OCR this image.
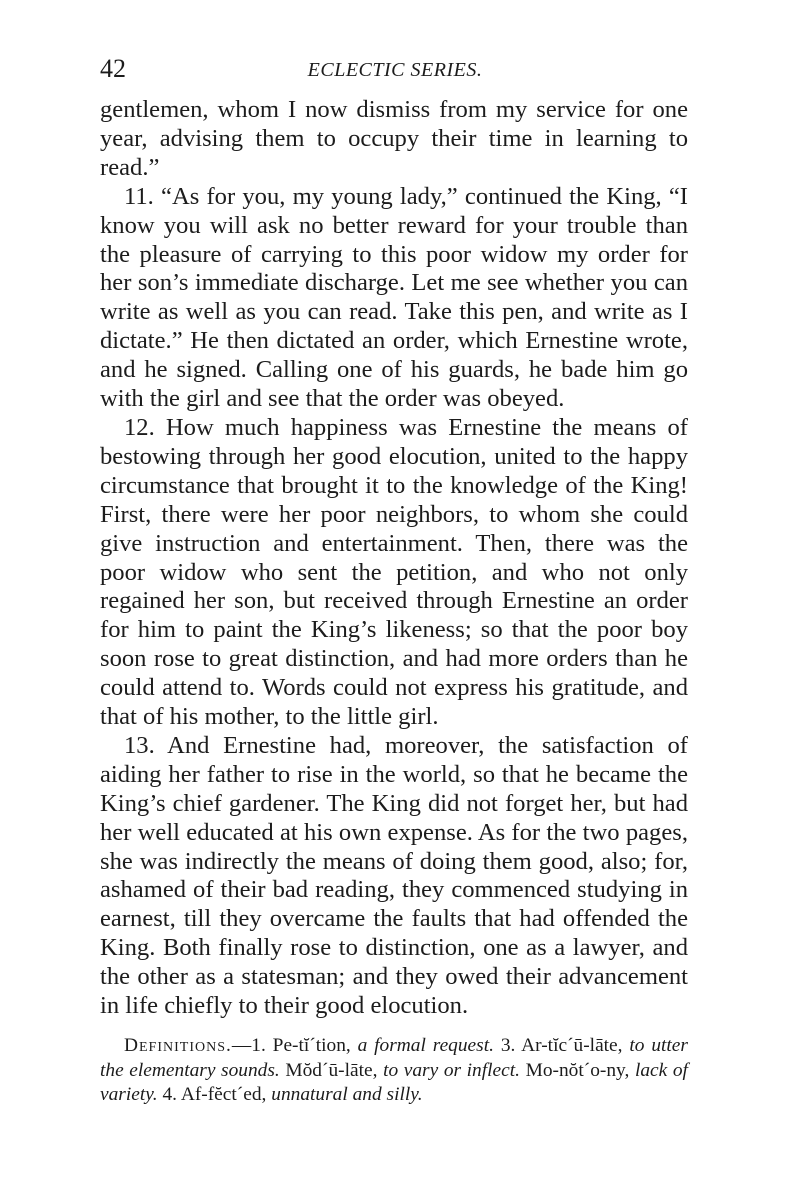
42	ECLECTIC SERIES.

gentlemen, whom I now dismiss from my service for one year, advising them to occupy their time in learning to read.”

11. “As for you, my young lady,” continued the King, “I know you will ask no better reward for your trouble than the pleasure of carrying to this poor widow my order for her son’s immediate discharge. Let me see whether you can write as well as you can read. Take this pen, and write as I dictate.” He then dictated an order, which Ernestine wrote, and he signed. Calling one of his guards, he bade him go with the girl and see that the order was obeyed.

12. How much happiness was Ernestine the means of bestowing through her good elocution, united to the happy circumstance that brought it to the knowledge of the King! First, there were her poor neighbors, to whom she could give instruction and entertainment. Then, there was the poor widow who sent the petition, and who not only regained her son, but received through Ernestine an order for him to paint the King’s likeness; so that the poor boy soon rose to great distinction, and had more orders than he could attend to. Words could not express his gratitude, and that of his mother, to the little girl.

13. And Ernestine had, moreover, the satisfaction of aiding her father to rise in the world, so that he became the King’s chief gardener. The King did not forget her, but had her well educated at his own expense. As for the two pages, she was indirectly the means of doing them good, also; for, ashamed of their bad reading, they commenced studying in earnest, till they overcame the faults that had offended the King. Both finally rose to distinction, one as a lawyer, and the other as a statesman; and they owed their advancement in life chiefly to their good elocution.

Definitions.—1. Pe-tĭ´tion, a formal request. 3. Ar-tĭc´ū-lāte, to utter the elementary sounds. Mŏd´ū-lāte, to vary or inflect. Mo-nŏt´o-ny, lack of variety. 4. Af-fĕct´ed, unnatural and silly.
